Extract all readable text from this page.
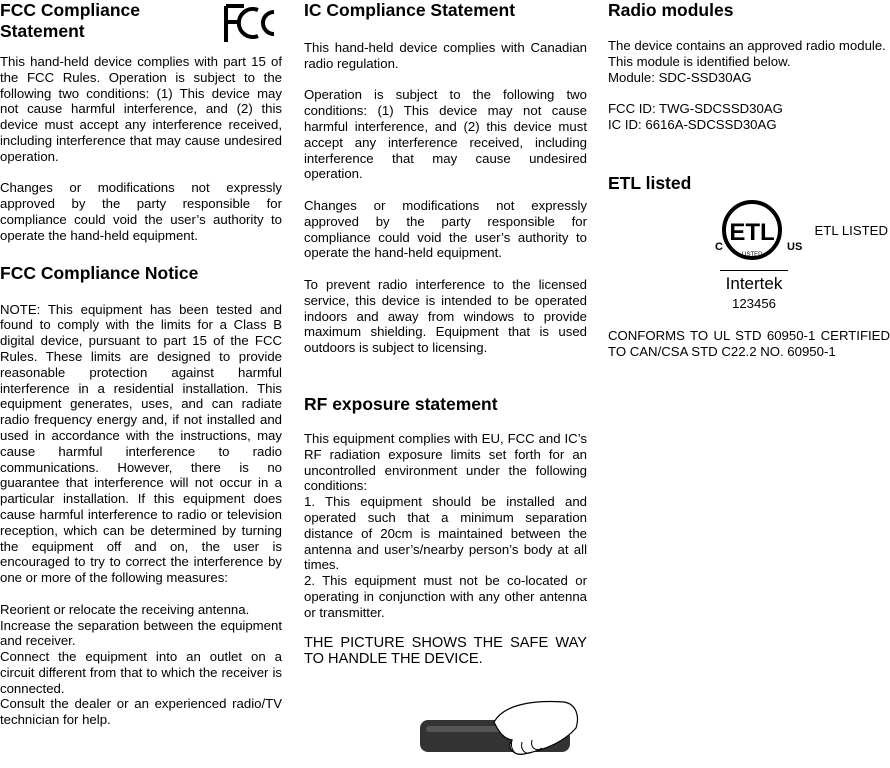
FCC Compliance
Statement
FC

This hand-held device complies with part 15 of the FCC Rules. Operation is subject to the following two conditions: (1) This device may not cause harmful interference, and (2) this device must accept any interference received, including interference that may cause undesired operation.

Changes or modifications not expressly approved by the party responsible for compliance could void the user’s authority to operate the hand-held equipment.

FCC Compliance Notice

NOTE: This equipment has been tested and found to comply with the limits for a Class B digital device, pursuant to part 15 of the FCC Rules. These limits are designed to provide reasonable protection against harmful interference in a residential installation. This equipment generates, uses, and can radiate radio frequency energy and, if not installed and used in accordance with the instructions, may cause harmful interference to radio communications. However, there is no guarantee that interference will not occur in a particular installation. If this equipment does cause harmful interference to radio or television reception, which can be determined by turning the equipment off and on, the user is encouraged to try to correct the interference by one or more of the following measures:

Reorient or relocate the receiving antenna.

Increase the separation between the equipment and receiver.

Connect the equipment into an outlet on a circuit different from that to which the receiver is connected.

Consult the dealer or an experienced radio/TV technician for help.

IC Compliance Statement

This hand-held device complies with Canadian radio regulation.

Operation is subject to the following two conditions: (1) This device may not cause harmful interference, and (2) this device must accept any interference received, including interference that may cause undesired operation.

Changes or modifications not expressly approved by the party responsible for compliance could void the user’s authority to operate the hand-held equipment.

To prevent radio interference to the licensed service, this device is intended to be operated indoors and away from windows to provide maximum shielding. Equipment that is used outdoors is subject to licensing.

RF exposure statement

This equipment complies with EU, FCC and IC’s RF radiation exposure limits set forth for an uncontrolled environment under the following conditions:

1. This equipment should be installed and operated such that a minimum separation distance of 20cm is maintained between the antenna and user’s/nearby person’s body at all times.

2. This equipment must not be co-located or operating in conjunction with any other antenna or transmitter.

THE PICTURE SHOWS THE SAFE WAY TO HANDLE THE DEVICE.

Radio modules

The device contains an approved radio module.

This module is identified below.

Module: SDC-SSD30AG

FCC ID: TWG-SDCSSD30AG

IC ID: 6616A-SDCSSD30AG

ETL listed
ETL
LISTED
C	US
ETL LISTED
Intertek
123456

CONFORMS TO UL STD 60950-1 CERTIFIED TO CAN/CSA STD C22.2 NO. 60950-1
